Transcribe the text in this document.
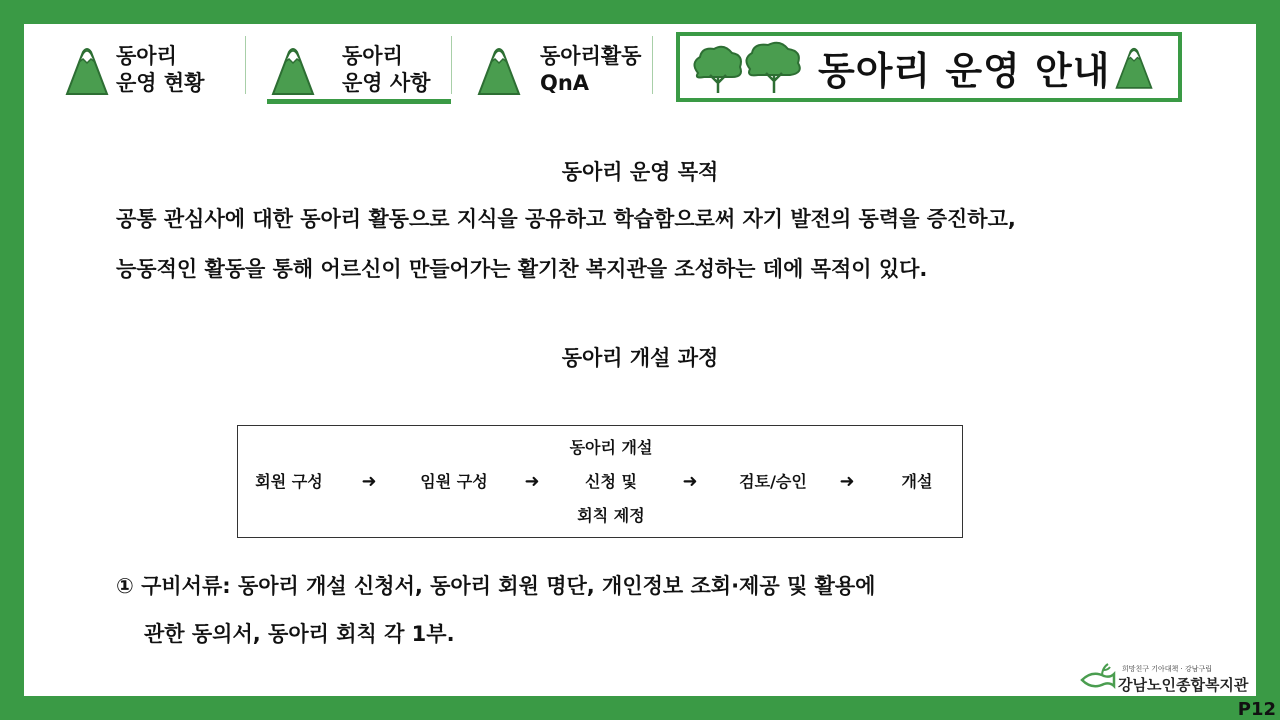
동아리
운영 현황
동아리
운영 사항
동아리활동
QnA	동아리 운영 안내
동아리 운영 목적
공통 관심사에 대한 동아리 활동으로 지식을 공유하고 학습함으로써 자기 발전의 동력을 증진하고,
능동적인 활동을 통해 어르신이 만들어가는 활기찬 복지관을 조성하는 데에 목적이 있다.
동아리 개설 과정
회원 구성	➜	임원 구성	➜
동아리 개설
신청 및
회칙 제정
➜	검토/승인	➜	개설
① 구비서류: 동아리 개설 신청서, 동아리 회원 명단, 개인정보 조회·제공 및 활용에
관한 동의서, 동아리 회칙 각 1부.
희망친구 기아대책 · 강남구립
강남노인종합복지관
P12
